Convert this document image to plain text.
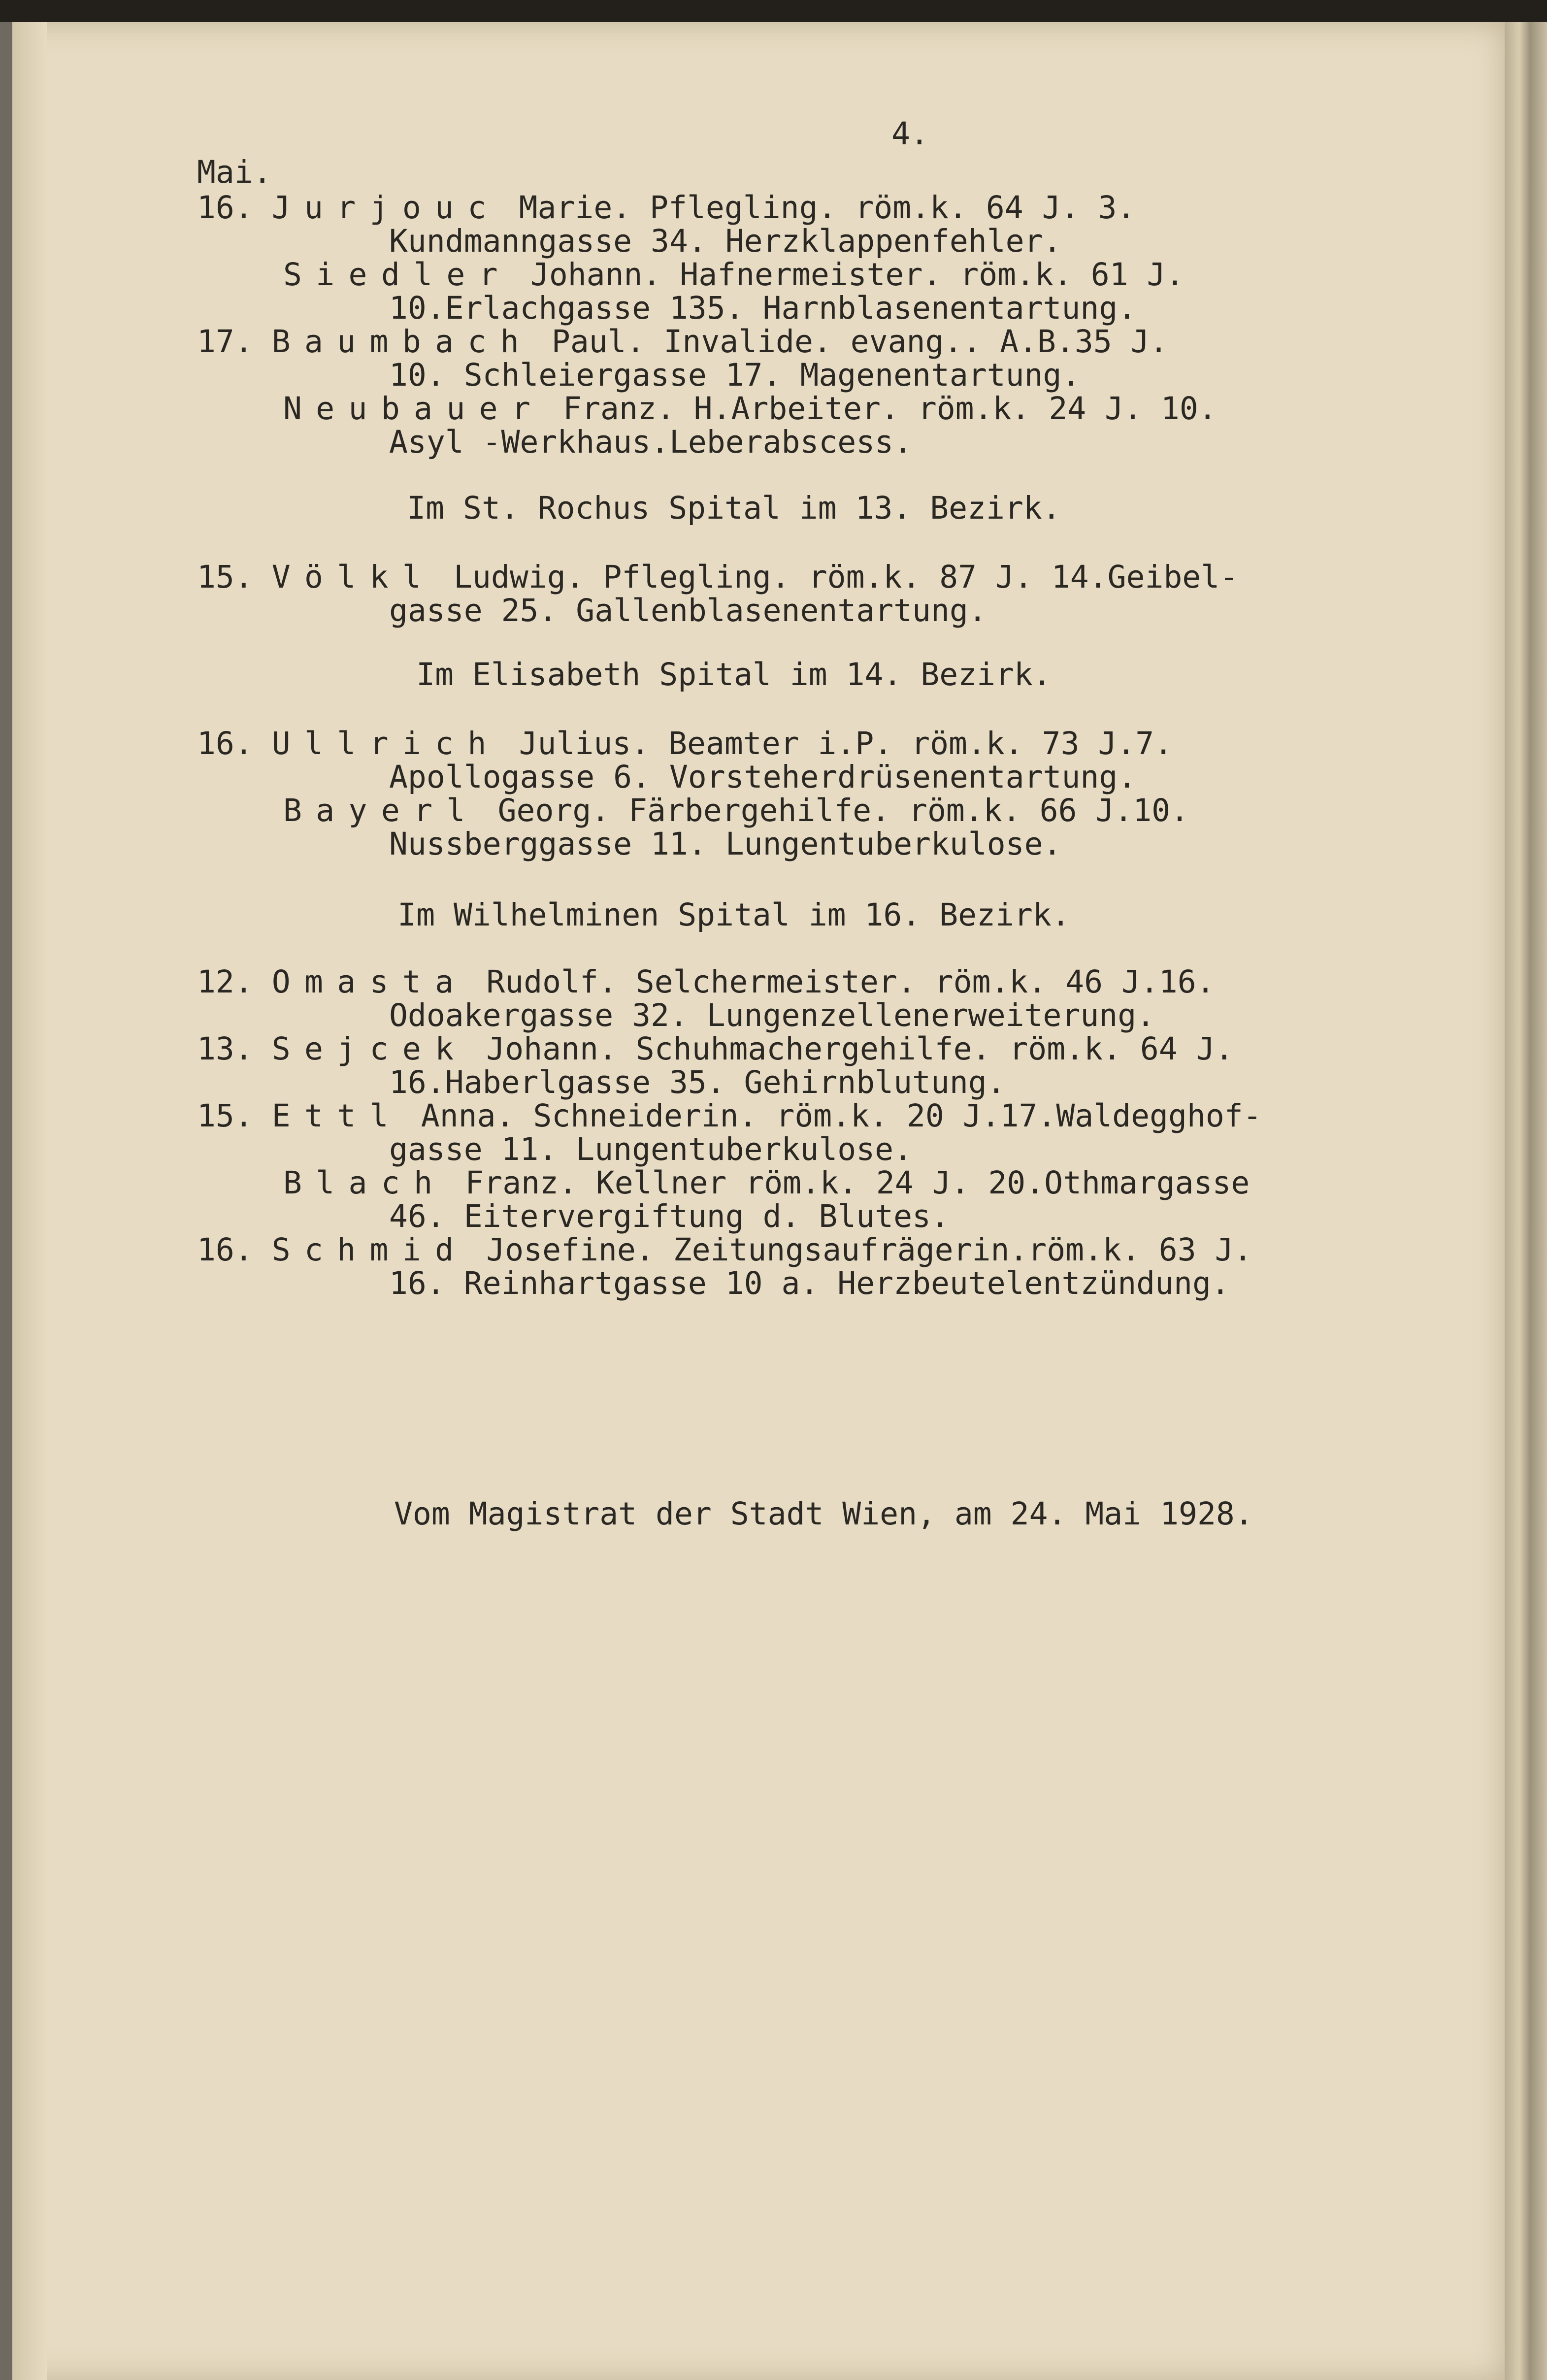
4.
Mai.
16. Jurjouc Marie. Pflegling. röm.k. 64 J. 3.
Kundmanngasse 34. Herzklappenfehler.
Siedler Johann. Hafnermeister. röm.k. 61 J.
10.Erlachgasse 135. Harnblasenentartung.
17. Baumbach Paul. Invalide. evang.. A.B.35 J.
10. Schleiergasse 17. Magenentartung.
Neubauer Franz. H.Arbeiter. röm.k. 24 J. 10.
Asyl -Werkhaus.Leberabscess.
Im St. Rochus Spital im 13. Bezirk.
15. Völkl Ludwig. Pflegling. röm.k. 87 J. 14.Geibel-
gasse 25. Gallenblasenentartung.
Im Elisabeth Spital im 14. Bezirk.
16. Ullrich Julius. Beamter i.P. röm.k. 73 J.7.
Apollogasse 6. Vorsteherdrüsenentartung.
Bayerl Georg. Färbergehilfe. röm.k. 66 J.10.
Nussberggasse 11. Lungentuberkulose.
Im Wilhelminen Spital im 16. Bezirk.
12. Omasta Rudolf. Selchermeister. röm.k. 46 J.16.
Odoakergasse 32. Lungenzellenerweiterung.
13. Sejcek Johann. Schuhmachergehilfe. röm.k. 64 J.
16.Haberlgasse 35. Gehirnblutung.
15. Ettl Anna. Schneiderin. röm.k. 20 J.17.Waldegghof-
gasse 11. Lungentuberkulose.
Blach Franz. Kellner röm.k. 24 J. 20.Othmargasse
46. Eitervergiftung d. Blutes.
16. Schmid Josefine. Zeitungsaufrägerin.röm.k. 63 J.
16. Reinhartgasse 10 a. Herzbeutelentzündung.
Vom Magistrat der Stadt Wien, am 24. Mai 1928.
